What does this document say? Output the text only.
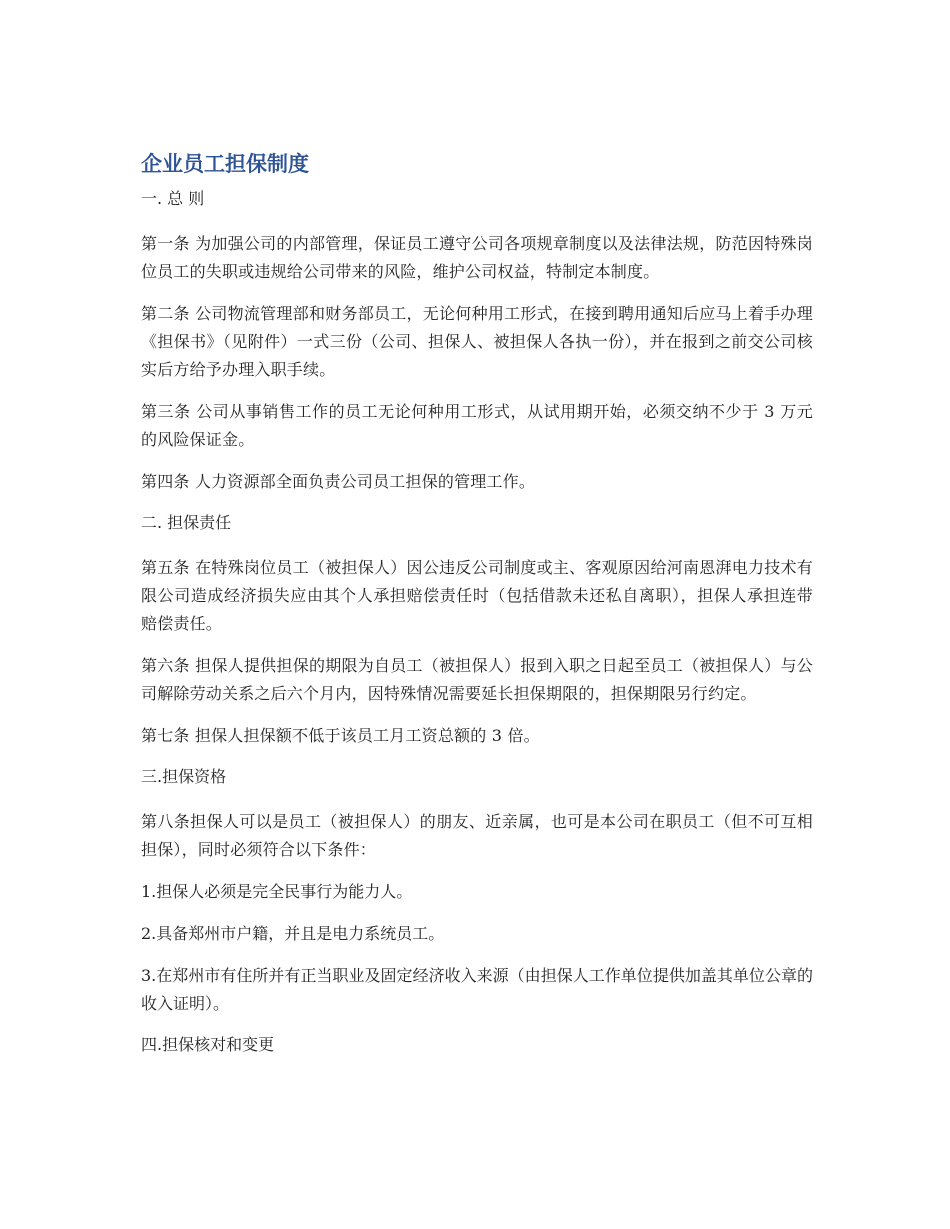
企业员工担保制度
一. 总 则

第一条 为加强公司的内部管理，保证员工遵守公司各项规章制度以及法律法规，防范因特殊岗位员工的失职或违规给公司带来的风险，维护公司权益，特制定本制度。

第二条 公司物流管理部和财务部员工，无论何种用工形式，在接到聘用通知后应马上着手办理《担保书》（见附件）一式三份（公司、担保人、被担保人各执一份），并在报到之前交公司核实后方给予办理入职手续。

第三条 公司从事销售工作的员工无论何种用工形式，从试用期开始，必须交纳不少于 3 万元的风险保证金。

第四条 人力资源部全面负责公司员工担保的管理工作。

二. 担保责任

第五条 在特殊岗位员工（被担保人）因公违反公司制度或主、客观原因给河南恩湃电力技术有限公司造成经济损失应由其个人承担赔偿责任时（包括借款未还私自离职），担保人承担连带赔偿责任。

第六条 担保人提供担保的期限为自员工（被担保人）报到入职之日起至员工（被担保人）与公司解除劳动关系之后六个月内，因特殊情况需要延长担保期限的，担保期限另行约定。

第七条 担保人担保额不低于该员工月工资总额的 3 倍。

三.担保资格

第八条担保人可以是员工（被担保人）的朋友、近亲属，也可是本公司在职员工（但不可互相担保），同时必须符合以下条件：

1.担保人必须是完全民事行为能力人。

2.具备郑州市户籍，并且是电力系统员工。

3.在郑州市有住所并有正当职业及固定经济收入来源（由担保人工作单位提供加盖其单位公章的收入证明）。

四.担保核对和变更
